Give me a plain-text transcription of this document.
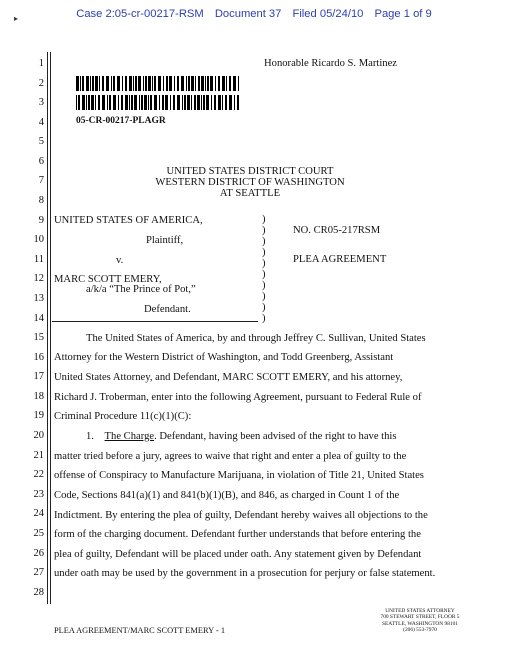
Case 2:05-cr-00217-RSM Document 37 Filed 05/24/10 Page 1 of 9
▸
Honorable Ricardo S. Martinez
05-CR-00217-PLAGR
1
2
3
4
5
6
7
8
9
10
11
12
13
14
15
16
17
18
19
20
21
22
23
24
25
26
27
28
UNITED STATES DISTRICT COURT
WESTERN DISTRICT OF WASHINGTON
AT SEATTLE
UNITED STATES OF AMERICA,
Plaintiff,
v.
MARC SCOTT EMERY,
a/k/a “The Prince of Pot,”
Defendant.
)
)
)
)
)
)
)
)
)
)
NO. CR05-217RSM
PLEA AGREEMENT
The United States of America, by and through Jeffrey C. Sullivan, United States
Attorney for the Western District of Washington, and Todd Greenberg, Assistant
United States Attorney, and Defendant, MARC SCOTT EMERY, and his attorney,
Richard J. Troberman, enter into the following Agreement, pursuant to Federal Rule of
Criminal Procedure 11(c)(1)(C):
1. The Charge. Defendant, having been advised of the right to have this
matter tried before a jury, agrees to waive that right and enter a plea of guilty to the
offense of Conspiracy to Manufacture Marijuana, in violation of Title 21, United States
Code, Sections 841(a)(1) and 841(b)(1)(B), and 846, as charged in Count 1 of the
Indictment. By entering the plea of guilty, Defendant hereby waives all objections to the
form of the charging document. Defendant further understands that before entering the
plea of guilty, Defendant will be placed under oath. Any statement given by Defendant
under oath may be used by the government in a prosecution for perjury or false statement.
PLEA AGREEMENT/MARC SCOTT EMERY - 1
UNITED STATES ATTORNEY
700 STEWART STREET, FLOOR 5
SEATTLE, WASHINGTON 98101
(206) 553-7970
